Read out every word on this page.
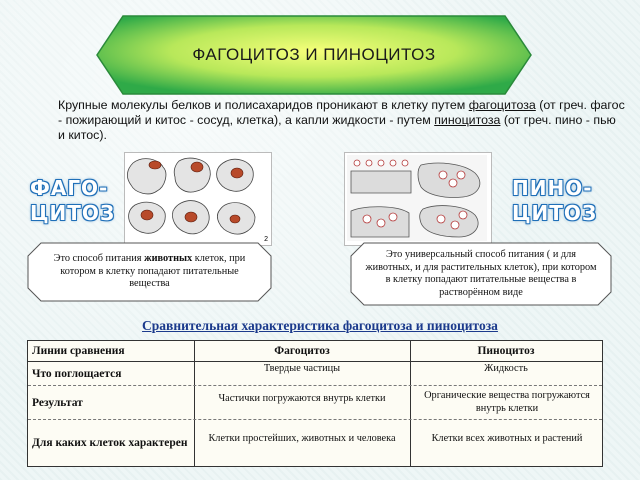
ФАГОЦИТОЗ И ПИНОЦИТОЗ
Крупные молекулы белков и полисахаридов проникают в клетку путем фагоцитоза (от греч. фагос - пожирающий и китос - сосуд, клетка), а капли жидкости - путем пиноцитоза (от греч. пино - пью и китос).
ФАГО-
ЦИТОЗ
ПИНО-
ЦИТОЗ
2
Это способ питания животных клеток, при котором в клетку попадают питательные вещества
Это универсальный способ питания ( и для животных, и для растительных клеток), при котором в клетку попадают питательные вещества в растворённом виде
Сравнительная характеристика фагоцитоза и пиноцитоза
Линии сравнения	Фагоцитоз	Пиноцитоз
Что поглощается	Твердые частицы	Жидкость
Результат	Частички погружаются внутрь клетки	Органические вещества погружаются внутрь клетки
Для каких клеток характерен	Клетки простейших, животных и человека	Клетки всех животных и растений
